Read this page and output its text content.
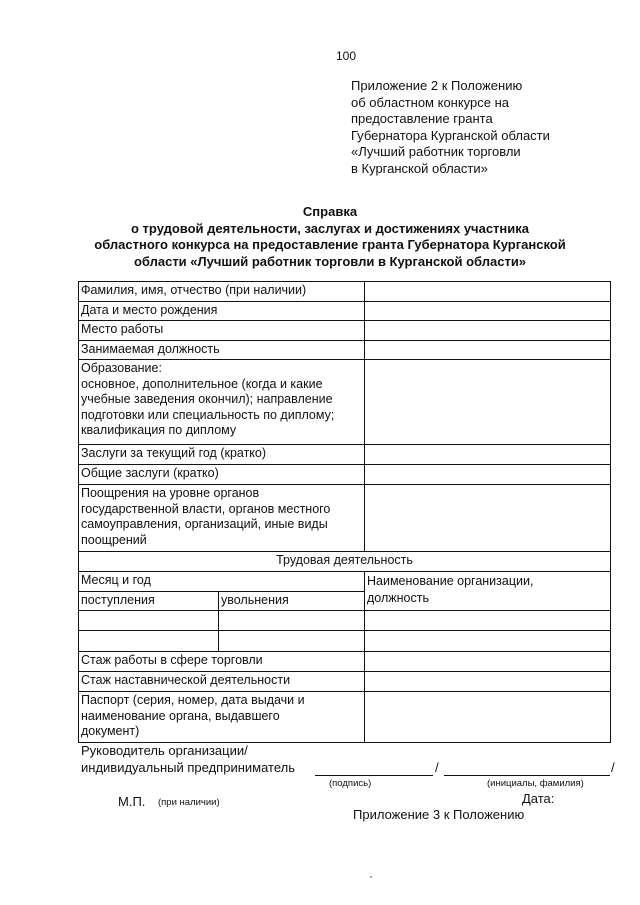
100
Приложение 2 к Положению
об областном конкурсе на
предоставление гранта
Губернатора Курганской области
«Лучший работник торговли
в Курганской области»
Справка
о трудовой деятельности, заслугах и достижениях участника
областного конкурса на предоставление гранта Губернатора Курганской
области «Лучший работник торговли в Курганской области»
Фамилия, имя, отчество (при наличии)
Дата и место рождения
Место работы
Занимаемая должность
Образование:
основное, дополнительное (когда и какие
учебные заведения окончил); направление
подготовки или специальность по диплому;
квалификация по диплому
Заслуги за текущий год (кратко)
Общие заслуги (кратко)
Поощрения на уровне органов
государственной власти, органов местного
самоуправления, организаций, иные виды
поощрений
Трудовая деятельность
Месяц и год	Наименование организации,
должность
поступления	увольнения
Стаж работы в сфере торговли
Стаж наставнической деятельности
Паспорт (серия, номер, дата выдачи и
наименование органа, выдавшего
документ)
Руководитель организации/
индивидуальный предприниматель	/	/
(подпись)	(инициалы, фамилия)
М.П. (при наличии)	Дата:
Приложение 3 к Положению
